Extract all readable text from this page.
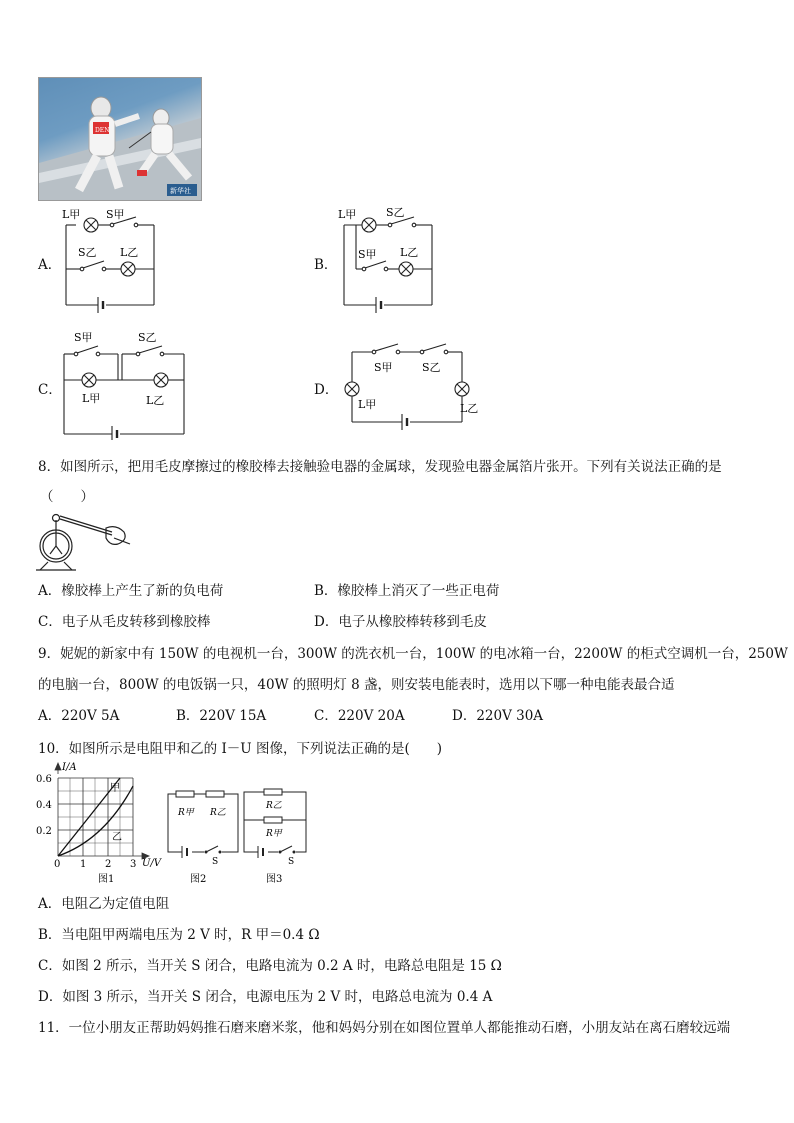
DEN
新华社
A．
L甲 S甲
S乙 L乙
B．
L甲	S乙
S甲 L乙
C．
S甲	S乙
L甲	L乙
D．
S甲	S乙
L甲	L乙
8．如图所示，把用毛皮摩擦过的橡胶棒去接触验电器的金属球，发现验电器金属箔片张开。下列有关说法正确的是
（　　）
A．橡胶棒上产生了新的负电荷	B．橡胶棒上消灭了一些正电荷
C．电子从毛皮转移到橡胶棒	D．电子从橡胶棒转移到毛皮
9．妮妮的新家中有 150W 的电视机一台，300W 的洗衣机一台，100W 的电冰箱一台，2200W 的柜式空调机一台，250W
的电脑一台，800W 的电饭锅一只，40W 的照明灯 8 盏，则安装电能表时，选用以下哪一种电能表最合适
A．220V 5A	B．220V 15A	C．220V 20A	D．220V 30A
10．如图所示是电阻甲和乙的 I－U 图像，下列说法正确的是(　　)
I/A
U/V
0.6
0.4
0.2
0 1 2 3
甲
乙
图1
R甲 R乙
S
图2
R乙
R甲
S
图3
A．电阻乙为定值电阻
B．当电阻甲两端电压为 2 V 时，R 甲＝0.4 Ω
C．如图 2 所示，当开关 S 闭合，电路电流为 0.2 A 时，电路总电阻是 15 Ω
D．如图 3 所示，当开关 S 闭合，电源电压为 2 V 时，电路总电流为 0.4 A
11．一位小朋友正帮助妈妈推石磨来磨米浆，他和妈妈分别在如图位置单人都能推动石磨，小朋友站在离石磨较远端
